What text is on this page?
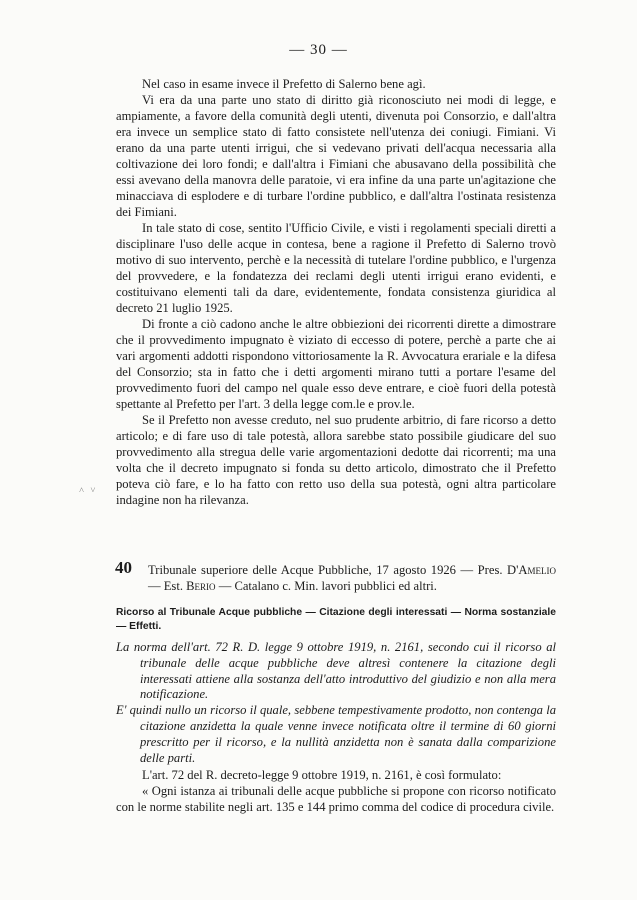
— 30 —

Nel caso in esame invece il Prefetto di Salerno bene agì.

Vi era da una parte uno stato di diritto già riconosciuto nei modi di legge, e ampiamente, a favore della comunità degli utenti, divenuta poi Consorzio, e dall'altra era invece un semplice stato di fatto consistete nell'utenza dei coniugi. Fimiani. Vi erano da una parte utenti irrigui, che si vedevano privati dell'acqua necessaria alla coltivazione dei loro fondi; e dall'altra i Fimiani che abusavano della possibilità che essi avevano della manovra delle paratoie, vi era infine da una parte un'agitazione che minacciava di esplodere e di turbare l'ordine pubblico, e dall'altra l'ostinata resistenza dei Fimiani.

In tale stato di cose, sentito l'Ufficio Civile, e visti i regolamenti speciali diretti a disciplinare l'uso delle acque in contesa, bene a ragione il Prefetto di Salerno trovò motivo di suo intervento, perchè e la necessità di tutelare l'ordine pubblico, e l'urgenza del provvedere, e la fondatezza dei reclami degli utenti irrigui erano evidenti, e costituivano elementi tali da dare, evidentemente, fondata consistenza giuridica al decreto 21 luglio 1925.

Di fronte a ciò cadono anche le altre obbiezioni dei ricorrenti dirette a dimostrare che il provvedimento impugnato è viziato di eccesso di potere, perchè a parte che ai vari argomenti addotti rispondono vittoriosamente la R. Avvocatura erariale e la difesa del Consorzio; sta in fatto che i detti argomenti mirano tutti a portare l'esame del provvedimento fuori del campo nel quale esso deve entrare, e cioè fuori della potestà spettante al Prefetto per l'art. 3 della legge com.le e prov.le.

Se il Prefetto non avesse creduto, nel suo prudente arbitrio, di fare ricorso a detto articolo; e di fare uso di tale potestà, allora sarebbe stato possibile giudicare del suo provvedimento alla stregua delle varie argomentazioni dedotte dai ricorrenti; ma una volta che il decreto impugnato si fonda su detto articolo, dimostrato che il Prefetto poteva ciò fare, e lo ha fatto con retto uso della sua potestà, ogni altra particolare indagine non ha rilevanza.

˄ ˅
40	Tribunale superiore delle Acque Pubbliche, 17 agosto 1926 — Pres. D'Amelio — Est. Berio — Catalano c. Min. lavori pubblici ed altri.

Ricorso al Tribunale Acque pubbliche — Citazione degli interessati — Norma sostanziale — Effetti.

La norma dell'art. 72 R. D. legge 9 ottobre 1919, n. 2161, secondo cui il ricorso al tribunale delle acque pubbliche deve altresì contenere la citazione degli interessati attiene alla sostanza dell'atto introduttivo del giudizio e non alla mera notificazione.

E' quindi nullo un ricorso il quale, sebbene tempestivamente prodotto, non contenga la citazione anzidetta la quale venne invece notificata oltre il termine di 60 giorni prescritto per il ricorso, e la nullità anzidetta non è sanata dalla comparizione delle parti.

L'art. 72 del R. decreto-legge 9 ottobre 1919, n. 2161, è così formulato:

« Ogni istanza ai tribunali delle acque pubbliche si propone con ricorso notificato con le norme stabilite negli art. 135 e 144 primo comma del codice di procedura civile.
